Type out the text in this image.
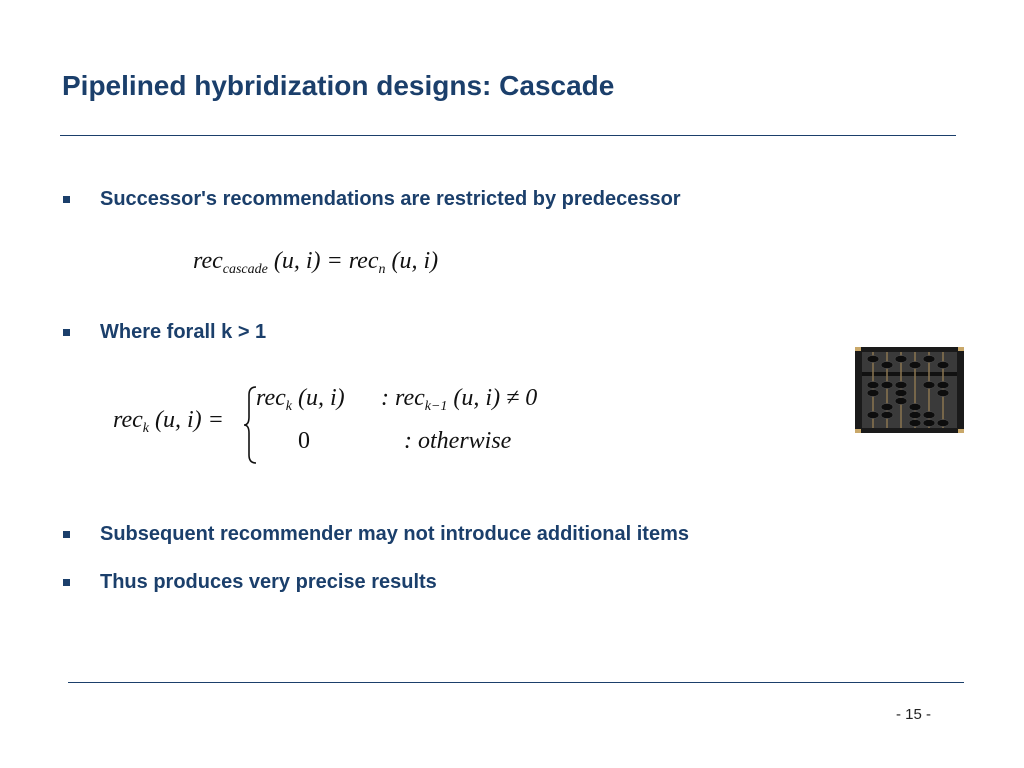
Pipelined hybridization designs: Cascade
Successor's recommendations are restricted by predecessor
rec$_{cascade}$ (u, i) = rec$_n$ (u, i)
Where forall k > 1
rec$_k$ (u, i) =
rec$_k$ (u, i) : rec$_{k-1}$ (u, i) ≠ 0
0	: otherwise
Subsequent recommender may not introduce additional items
Thus produces very precise results
- 15 -
